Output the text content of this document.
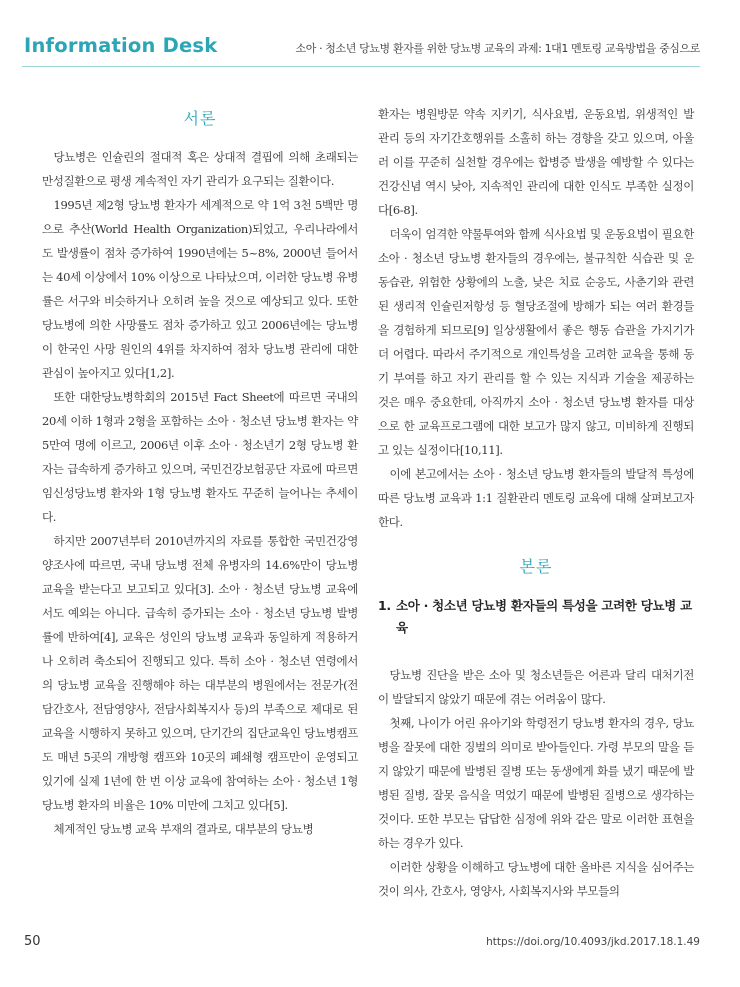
Information Desk	소아 · 청소년 당뇨병 환자를 위한 당뇨병 교육의 과제: 1대1 멘토링 교육방법을 중심으로
서론

당뇨병은 인슐린의 절대적 혹은 상대적 결핍에 의해 초래되는 만성질환으로 평생 계속적인 자기 관리가 요구되는 질환이다.

1995년 제2형 당뇨병 환자가 세계적으로 약 1억 3천 5백만 명으로 추산(World Health Organization)되었고, 우리나라에서도 발생률이 점차 증가하여 1990년에는 5~8%, 2000년 들어서는 40세 이상에서 10% 이상으로 나타났으며, 이러한 당뇨병 유병률은 서구와 비슷하거나 오히려 높을 것으로 예상되고 있다. 또한 당뇨병에 의한 사망률도 점차 증가하고 있고 2006년에는 당뇨병이 한국인 사망 원인의 4위를 차지하여 점차 당뇨병 관리에 대한 관심이 높아지고 있다[1,2].

또한 대한당뇨병학회의 2015년 Fact Sheet에 따르면 국내의 20세 이하 1형과 2형을 포함하는 소아 · 청소년 당뇨병 환자는 약 5만여 명에 이르고, 2006년 이후 소아 · 청소년기 2형 당뇨병 환자는 급속하게 증가하고 있으며, 국민건강보험공단 자료에 따르면 임신성당뇨병 환자와 1형 당뇨병 환자도 꾸준히 늘어나는 추세이다.

하지만 2007년부터 2010년까지의 자료를 통합한 국민건강영양조사에 따르면, 국내 당뇨병 전체 유병자의 14.6%만이 당뇨병 교육을 받는다고 보고되고 있다[3]. 소아 · 청소년 당뇨병 교육에서도 예외는 아니다. 급속히 증가되는 소아 · 청소년 당뇨병 발병률에 반하여[4], 교육은 성인의 당뇨병 교육과 동일하게 적용하거나 오히려 축소되어 진행되고 있다. 특히 소아 · 청소년 연령에서의 당뇨병 교육을 진행해야 하는 대부분의 병원에서는 전문가(전담간호사, 전담영양사, 전담사회복지사 등)의 부족으로 제대로 된 교육을 시행하지 못하고 있으며, 단기간의 집단교육인 당뇨병캠프도 매년 5곳의 개방형 캠프와 10곳의 폐쇄형 캠프만이 운영되고 있기에 실제 1년에 한 번 이상 교육에 참여하는 소아 · 청소년 1형 당뇨병 환자의 비율은 10% 미만에 그치고 있다[5].

체계적인 당뇨병 교육 부재의 결과로, 대부분의 당뇨병

환자는 병원방문 약속 지키기, 식사요법, 운동요법, 위생적인 발 관리 등의 자기간호행위를 소홀히 하는 경향을 갖고 있으며, 아울러 이를 꾸준히 실천할 경우에는 합병증 발생을 예방할 수 있다는 건강신념 역시 낮아, 지속적인 관리에 대한 인식도 부족한 실정이다[6-8].

더욱이 엄격한 약물투여와 함께 식사요법 및 운동요법이 필요한 소아 · 청소년 당뇨병 환자들의 경우에는, 불규칙한 식습관 및 운동습관, 위험한 상황에의 노출, 낮은 치료 순응도, 사춘기와 관련된 생리적 인슐린저항성 등 혈당조절에 방해가 되는 여러 환경들을 경험하게 되므로[9] 일상생활에서 좋은 행동 습관을 가지기가 더 어렵다. 따라서 주기적으로 개인특성을 고려한 교육을 통해 동기 부여를 하고 자기 관리를 할 수 있는 지식과 기술을 제공하는 것은 매우 중요한데, 아직까지 소아 · 청소년 당뇨병 환자를 대상으로 한 교육프로그램에 대한 보고가 많지 않고, 미비하게 진행되고 있는 실정이다[10,11].

이에 본고에서는 소아 · 청소년 당뇨병 환자들의 발달적 특성에 따른 당뇨병 교육과 1:1 질환관리 멘토링 교육에 대해 살펴보고자 한다.

본론
1. 소아 · 청소년 당뇨병 환자들의 특성을 고려한 당뇨병 교육

당뇨병 진단을 받은 소아 및 청소년들은 어른과 달리 대처기전이 발달되지 않았기 때문에 겪는 어려움이 많다.

첫째, 나이가 어린 유아기와 학령전기 당뇨병 환자의 경우, 당뇨병을 잘못에 대한 징벌의 의미로 받아들인다. 가령 부모의 말을 듣지 않았기 때문에 발병된 질병 또는 동생에게 화를 냈기 때문에 발병된 질병, 잘못 음식을 먹었기 때문에 발병된 질병으로 생각하는 것이다. 또한 부모는 답답한 심정에 위와 같은 말로 이러한 표현을 하는 경우가 있다.

이러한 상황을 이해하고 당뇨병에 대한 올바른 지식을 심어주는 것이 의사, 간호사, 영양사, 사회복지사와 부모들의

50	https://doi.org/10.4093/jkd.2017.18.1.49
